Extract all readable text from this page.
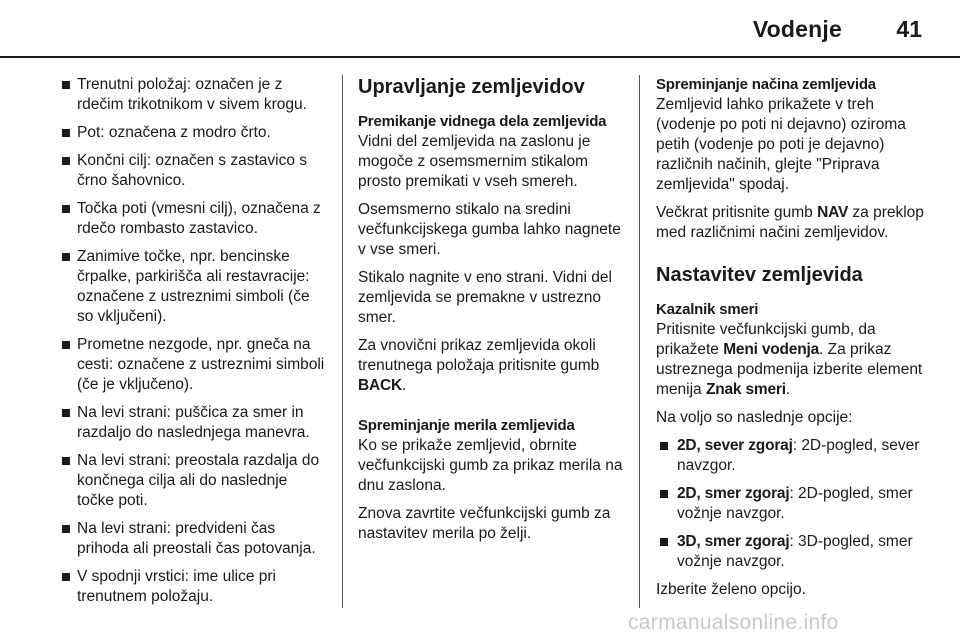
Vodenje 41
Trenutni položaj: označen je z rdečim trikotnikom v sivem krogu.
Pot: označena z modro črto.
Končni cilj: označen s zastavico s črno šahovnico.
Točka poti (vmesni cilj), označena z rdečo rombasto zastavico.
Zanimive točke, npr. bencinske črpalke, parkirišča ali restavracije: označene z ustreznimi simboli (če so vključeni).
Prometne nezgode, npr. gneča na cesti: označene z ustreznimi simboli (če je vključeno).
Na levi strani: puščica za smer in razdaljo do naslednjega manevra.
Na levi strani: preostala razdalja do končnega cilja ali do naslednje točke poti.
Na levi strani: predvideni čas prihoda ali preostali čas potovanja.
V spodnji vrstici: ime ulice pri trenutnem položaju.
Upravljanje zemljevidov
Premikanje vidnega dela zemljevida

Vidni del zemljevida na zaslonu je mogoče z osemsmernim stikalom prosto premikati v vseh smereh.

Osemsmerno stikalo na sredini večfunkcijskega gumba lahko nagnete v vse smeri.

Stikalo nagnite v eno strani. Vidni del zemljevida se premakne v ustrezno smer.

Za vnovični prikaz zemljevida okoli trenutnega položaja pritisnite gumb BACK.

Spreminjanje merila zemljevida

Ko se prikaže zemljevid, obrnite večfunkcijski gumb za prikaz merila na dnu zaslona.

Znova zavrtite večfunkcijski gumb za nastavitev merila po želji.

Spreminjanje načina zemljevida

Zemljevid lahko prikažete v treh (vodenje po poti ni dejavno) oziroma petih (vodenje po poti je dejavno) različnih načinih, glejte "Priprava zemljevida" spodaj.

Večkrat pritisnite gumb NAV za preklop med različnimi načini zemljevidov.

Nastavitev zemljevida
Kazalnik smeri

Pritisnite večfunkcijski gumb, da prikažete Meni vodenja. Za prikaz ustreznega podmenija izberite element menija Znak smeri.

Na voljo so naslednje opcije:

2D, sever zgoraj: 2D-pogled, sever navzgor.
2D, smer zgoraj: 2D-pogled, smer vožnje navzgor.
3D, smer zgoraj: 3D-pogled, smer vožnje navzgor.

Izberite želeno opcijo.

carmanualsonline.info
